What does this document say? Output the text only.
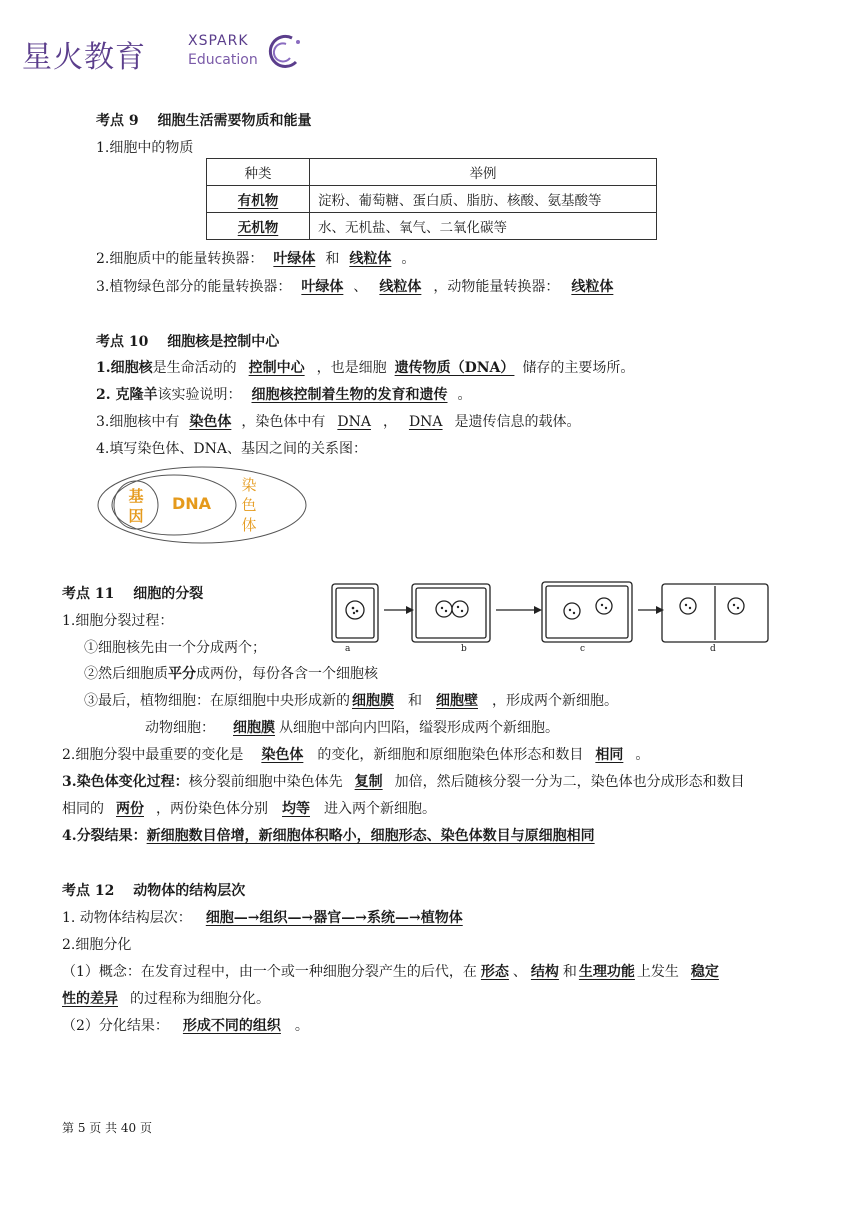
星火教育	XSPARK
Education
考点 9　 细胞生活需要物质和能量
1.细胞中的物质
种类	举例
有机物	淀粉、葡萄糖、蛋白质、脂肪、核酸、氨基酸等
无机物	水、无机盐、氧气、二氧化碳等
2.细胞质中的能量转换器： 叶绿体 和 线粒体 。
3.植物绿色部分的能量转换器： 叶绿体 、 线粒体 ，动物能量转换器： 线粒体
考点 10　 细胞核是控制中心
1.细胞核是生命活动的 控制中心 ，也是细胞 遗传物质（DNA） 储存的主要场所。
2. 克隆羊该实验说明： 细胞核控制着生物的发育和遗传 。
3.细胞核中有 染色体 ，染色体中有 DNA ， DNA 是遗传信息的载体。
4.填写染色体、DNA、基因之间的关系图：
基
因
DNA
染
色
体
考点 11　 细胞的分裂
1.细胞分裂过程：
①细胞核先由一个分成两个；
②然后细胞质平分成两份，每份各含一个细胞核
③最后，植物细胞：在原细胞中央形成新的 细胞膜 和 细胞壁 ，形成两个新细胞。
动物细胞： 细胞膜 从细胞中部向内凹陷，缢裂形成两个新细胞。
2.细胞分裂中最重要的变化是 染色体 的变化，新细胞和原细胞染色体形态和数目 相同 。
3.染色体变化过程：核分裂前细胞中染色体先 复制 加倍，然后随核分裂一分为二，染色体也分成形态和数目
相同的 两份 ，两份染色体分别 均等 进入两个新细胞。
4.分裂结果：新细胞数目倍增，新细胞体积略小，细胞形态、染色体数目与原细胞相同
a	b	c	d
考点 12　 动物体的结构层次
1. 动物体结构层次： 细胞—→组织—→器官—→系统—→植物体
2.细胞分化
（1）概念：在发育过程中，由一个或一种细胞分裂产生的后代，在 形态 、 结构 和 生理功能 上发生 稳定
性的差异 的过程称为细胞分化。
（2）分化结果： 形成不同的组织 。
第 5 页 共 40 页
